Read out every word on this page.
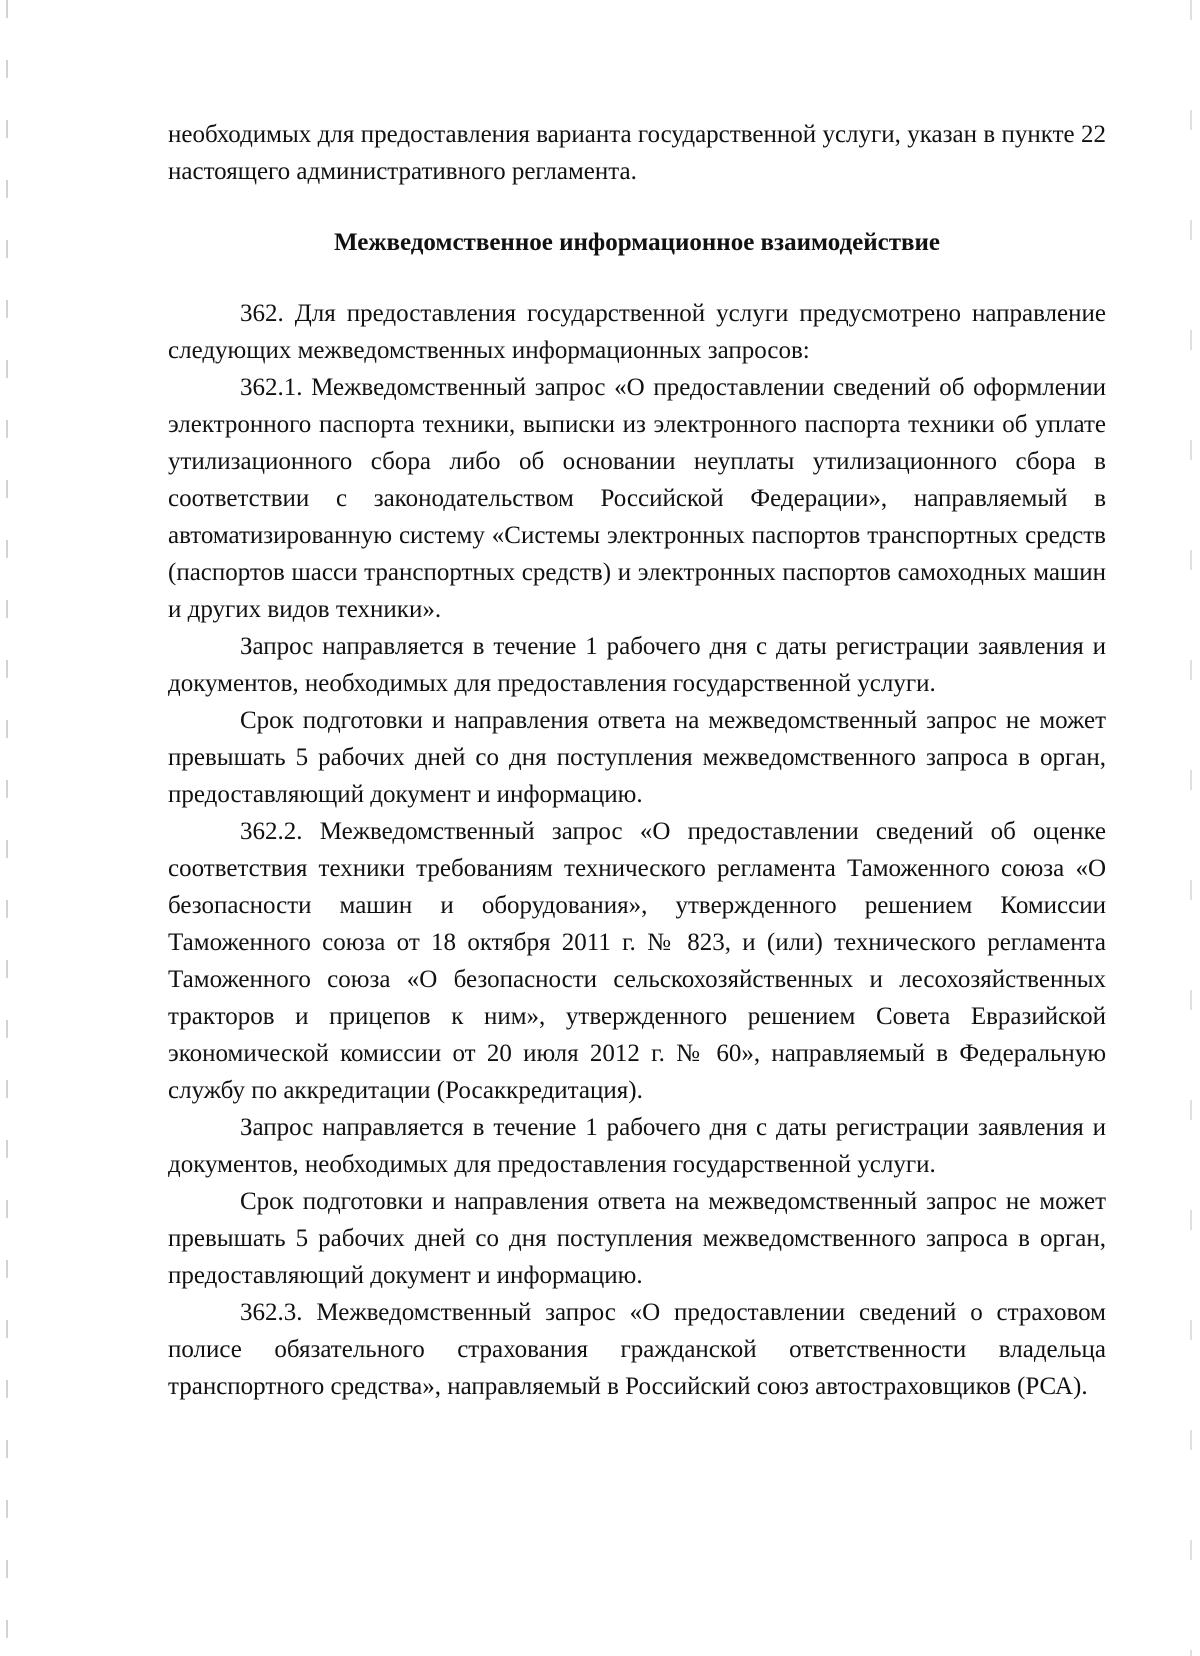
необходимых для предоставления варианта государственной услуги, указан в пункте 22 настоящего административного регламента.

Межведомственное информационное взаимодействие

362. Для предоставления государственной услуги предусмотрено направление следующих межведомственных информационных запросов:

362.1. Межведомственный запрос «О предоставлении сведений об оформлении электронного паспорта техники, выписки из электронного паспорта техники об уплате утилизационного сбора либо об основании неуплаты утилизационного сбора в соответствии с законодательством Российской Федерации», направляемый в автоматизированную систему «Системы электронных паспортов транспортных средств (паспортов шасси транспортных средств) и электронных паспортов самоходных машин и других видов техники».

Запрос направляется в течение 1 рабочего дня с даты регистрации заявления и документов, необходимых для предоставления государственной услуги.

Срок подготовки и направления ответа на межведомственный запрос не может превышать 5 рабочих дней со дня поступления межведомственного запроса в орган, предоставляющий документ и информацию.

362.2. Межведомственный запрос «О предоставлении сведений об оценке соответствия техники требованиям технического регламента Таможенного союза «О безопасности машин и оборудования», утвержденного решением Комиссии Таможенного союза от 18 октября 2011 г. № 823, и (или) технического регламента Таможенного союза «О безопасности сельскохозяйственных и лесохозяйственных тракторов и прицепов к ним», утвержденного решением Совета Евразийской экономической комиссии от 20 июля 2012 г. № 60», направляемый в Федеральную службу по аккредитации (Росаккредитация).

Запрос направляется в течение 1 рабочего дня с даты регистрации заявления и документов, необходимых для предоставления государственной услуги.

Срок подготовки и направления ответа на межведомственный запрос не может превышать 5 рабочих дней со дня поступления межведомственного запроса в орган, предоставляющий документ и информацию.

362.3. Межведомственный запрос «О предоставлении сведений о страховом полисе обязательного страхования гражданской ответственности владельца транспортного средства», направляемый в Российский союз автостраховщиков (РСА).
